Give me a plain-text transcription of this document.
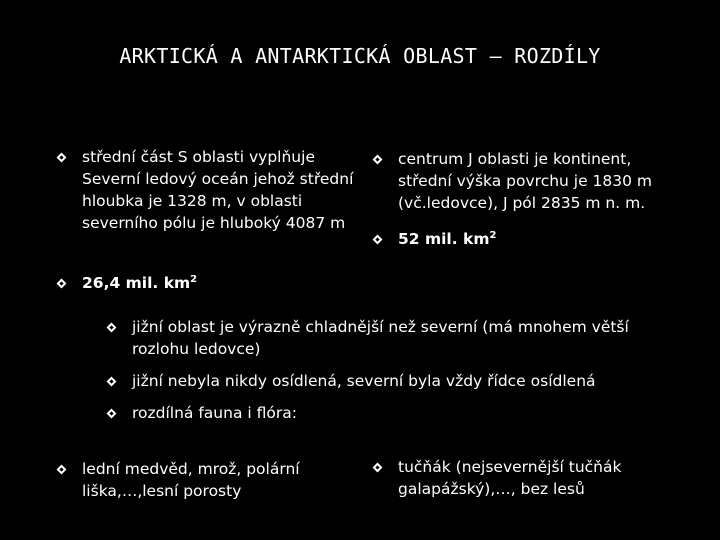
ARKTICKÁ A ANTARKTICKÁ OBLAST – ROZDÍLY
střední část S oblasti vyplňuje Severní ledový oceán jehož střední hloubka je 1328 m, v oblasti severního pólu je hluboký 4087 m
26,4 mil. $km^2$
centrum J oblasti je kontinent, střední výška povrchu je 1830 m (vč.ledovce), J pól 2835 m n. m.
52 mil. $km^2$
jižní oblast je výrazně chladnější než severní (má mnohem větší rozlohu ledovce)
jižní nebyla nikdy osídlená, severní byla vždy řídce osídlená
rozdílná fauna i flóra:
lední medvěd, mrož, polární liška,…,lesní porosty
tučňák (nejsevernější tučňák galapážský),…, bez lesů
